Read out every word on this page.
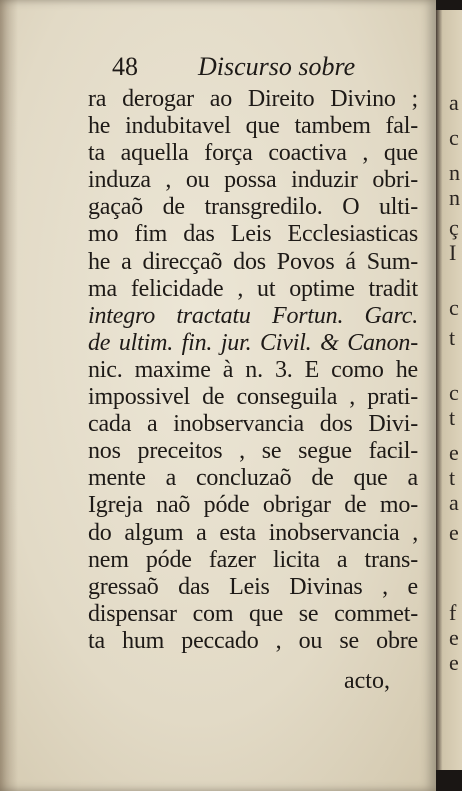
48 Discurso sobre
ra derogar ao Direito Divino ;
he indubitavel que tambem fal-
ta aquella força coactiva , que
induza , ou possa induzir obri-
gaçaõ de transgredilo. O ulti-
mo fim das Leis Ecclesiasticas
he a direcçaõ dos Povos á Sum-
ma felicidade , ut optime tradit
integro tractatu Fortun. Garc.
de ultim. fin. jur. Civil. & Canon-
nic. maxime à n. 3. E como he
impossivel de conseguila , prati-
cada a inobservancia dos Divi-
nos preceitos , se segue facil-
mente a concluzaõ de que a
Igreja naõ póde obrigar de mo-
do algum a esta inobservancia ,
nem póde fazer licita a trans-
gressaõ das Leis Divinas , e
dispensar com que se commet-
ta hum peccado , ou se obre
acto,
a
c
n
n
ç
I
c
t
c
t
e
t
a
e
f
e
e
